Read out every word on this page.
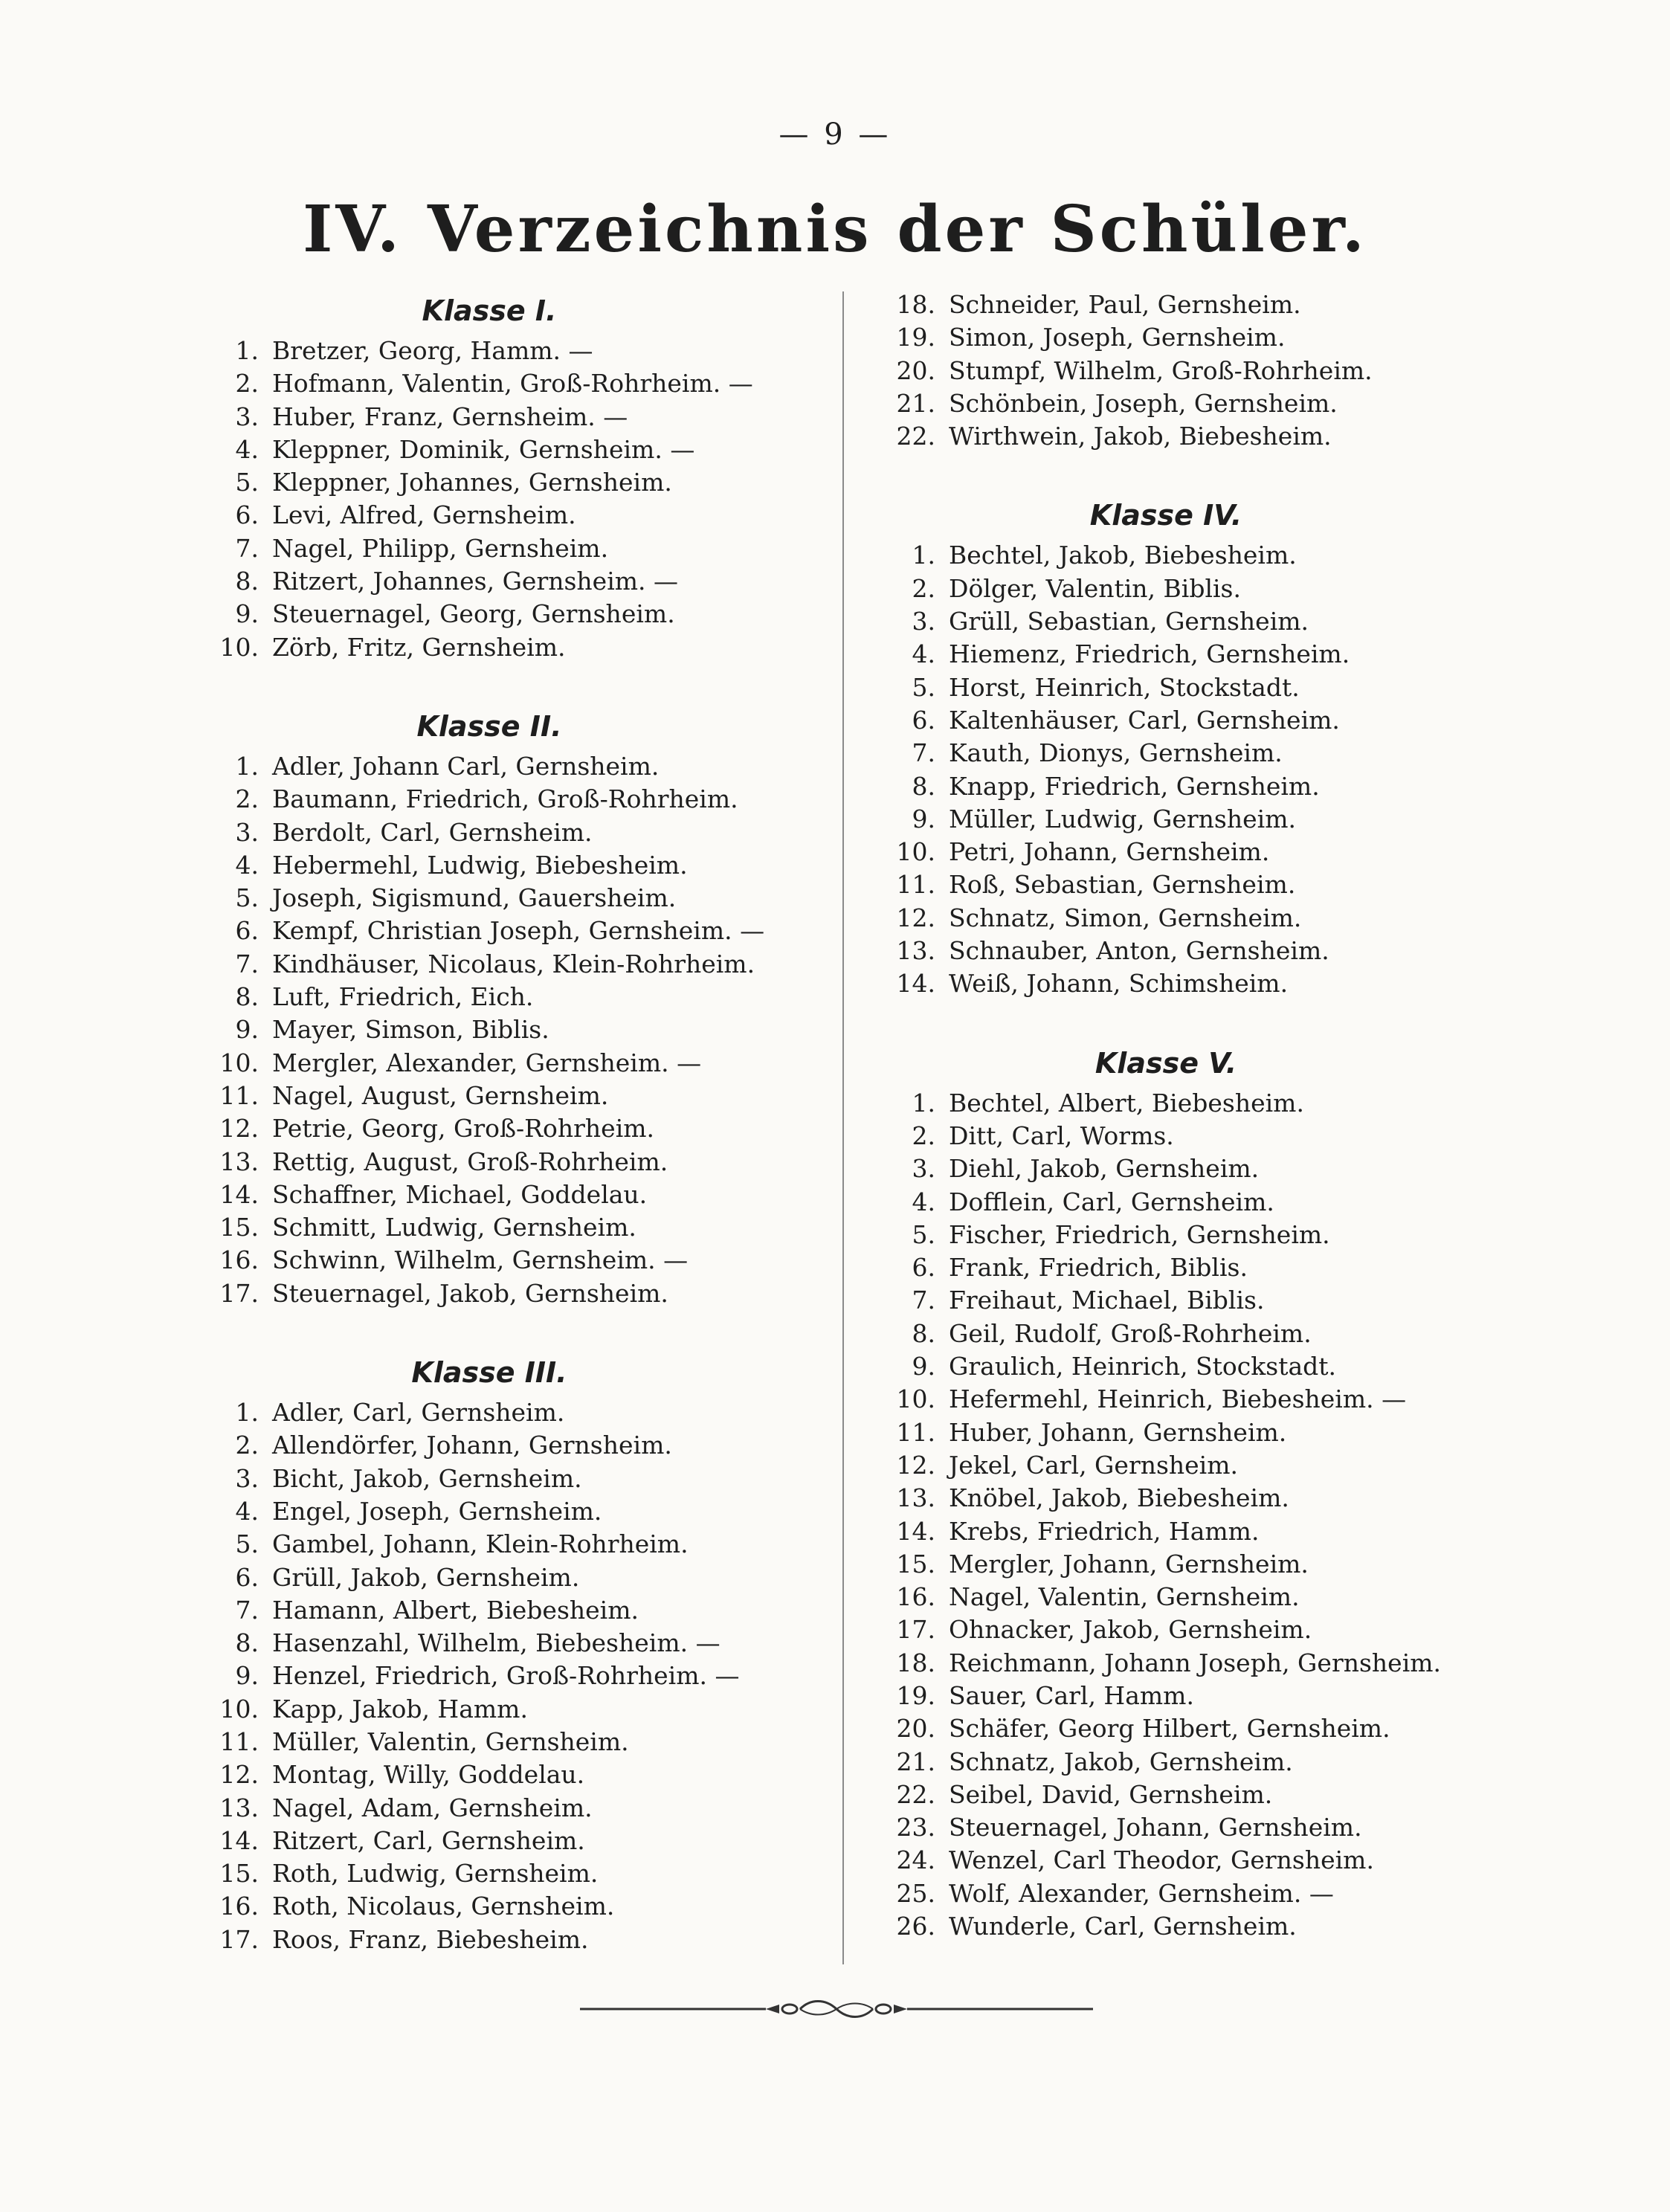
— 9 —
IV. Verzeichnis der Schüler.
Klasse I.
1. Bretzer, Georg, Hamm. —
2. Hofmann, Valentin, Groß-Rohrheim. —
3. Huber, Franz, Gernsheim. —
4. Kleppner, Dominik, Gernsheim. —
5. Kleppner, Johannes, Gernsheim.
6. Levi, Alfred, Gernsheim.
7. Nagel, Philipp, Gernsheim.
8. Ritzert, Johannes, Gernsheim. —
9. Steuernagel, Georg, Gernsheim.
10. Zörb, Fritz, Gernsheim.
Klasse II.
1. Adler, Johann Carl, Gernsheim.
2. Baumann, Friedrich, Groß-Rohrheim.
3. Berdolt, Carl, Gernsheim.
4. Hebermehl, Ludwig, Biebesheim.
5. Joseph, Sigismund, Gauersheim.
6. Kempf, Christian Joseph, Gernsheim. —
7. Kindhäuser, Nicolaus, Klein-Rohrheim.
8. Luft, Friedrich, Eich.
9. Mayer, Simson, Biblis.
10. Mergler, Alexander, Gernsheim. —
11. Nagel, August, Gernsheim.
12. Petrie, Georg, Groß-Rohrheim.
13. Rettig, August, Groß-Rohrheim.
14. Schaffner, Michael, Goddelau.
15. Schmitt, Ludwig, Gernsheim.
16. Schwinn, Wilhelm, Gernsheim. —
17. Steuernagel, Jakob, Gernsheim.
Klasse III.
1. Adler, Carl, Gernsheim.
2. Allendörfer, Johann, Gernsheim.
3. Bicht, Jakob, Gernsheim.
4. Engel, Joseph, Gernsheim.
5. Gambel, Johann, Klein-Rohrheim.
6. Grüll, Jakob, Gernsheim.
7. Hamann, Albert, Biebesheim.
8. Hasenzahl, Wilhelm, Biebesheim. —
9. Henzel, Friedrich, Groß-Rohrheim. —
10. Kapp, Jakob, Hamm.
11. Müller, Valentin, Gernsheim.
12. Montag, Willy, Goddelau.
13. Nagel, Adam, Gernsheim.
14. Ritzert, Carl, Gernsheim.
15. Roth, Ludwig, Gernsheim.
16. Roth, Nicolaus, Gernsheim.
17. Roos, Franz, Biebesheim.
18. Schneider, Paul, Gernsheim.
19. Simon, Joseph, Gernsheim.
20. Stumpf, Wilhelm, Groß-Rohrheim.
21. Schönbein, Joseph, Gernsheim.
22. Wirthwein, Jakob, Biebesheim.
Klasse IV.
1. Bechtel, Jakob, Biebesheim.
2. Dölger, Valentin, Biblis.
3. Grüll, Sebastian, Gernsheim.
4. Hiemenz, Friedrich, Gernsheim.
5. Horst, Heinrich, Stockstadt.
6. Kaltenhäuser, Carl, Gernsheim.
7. Kauth, Dionys, Gernsheim.
8. Knapp, Friedrich, Gernsheim.
9. Müller, Ludwig, Gernsheim.
10. Petri, Johann, Gernsheim.
11. Roß, Sebastian, Gernsheim.
12. Schnatz, Simon, Gernsheim.
13. Schnauber, Anton, Gernsheim.
14. Weiß, Johann, Schimsheim.
Klasse V.
1. Bechtel, Albert, Biebesheim.
2. Ditt, Carl, Worms.
3. Diehl, Jakob, Gernsheim.
4. Dofflein, Carl, Gernsheim.
5. Fischer, Friedrich, Gernsheim.
6. Frank, Friedrich, Biblis.
7. Freihaut, Michael, Biblis.
8. Geil, Rudolf, Groß-Rohrheim.
9. Graulich, Heinrich, Stockstadt.
10. Hefermehl, Heinrich, Biebesheim. —
11. Huber, Johann, Gernsheim.
12. Jekel, Carl, Gernsheim.
13. Knöbel, Jakob, Biebesheim.
14. Krebs, Friedrich, Hamm.
15. Mergler, Johann, Gernsheim.
16. Nagel, Valentin, Gernsheim.
17. Ohnacker, Jakob, Gernsheim.
18. Reichmann, Johann Joseph, Gernsheim.
19. Sauer, Carl, Hamm.
20. Schäfer, Georg Hilbert, Gernsheim.
21. Schnatz, Jakob, Gernsheim.
22. Seibel, David, Gernsheim.
23. Steuernagel, Johann, Gernsheim.
24. Wenzel, Carl Theodor, Gernsheim.
25. Wolf, Alexander, Gernsheim. —
26. Wunderle, Carl, Gernsheim.
